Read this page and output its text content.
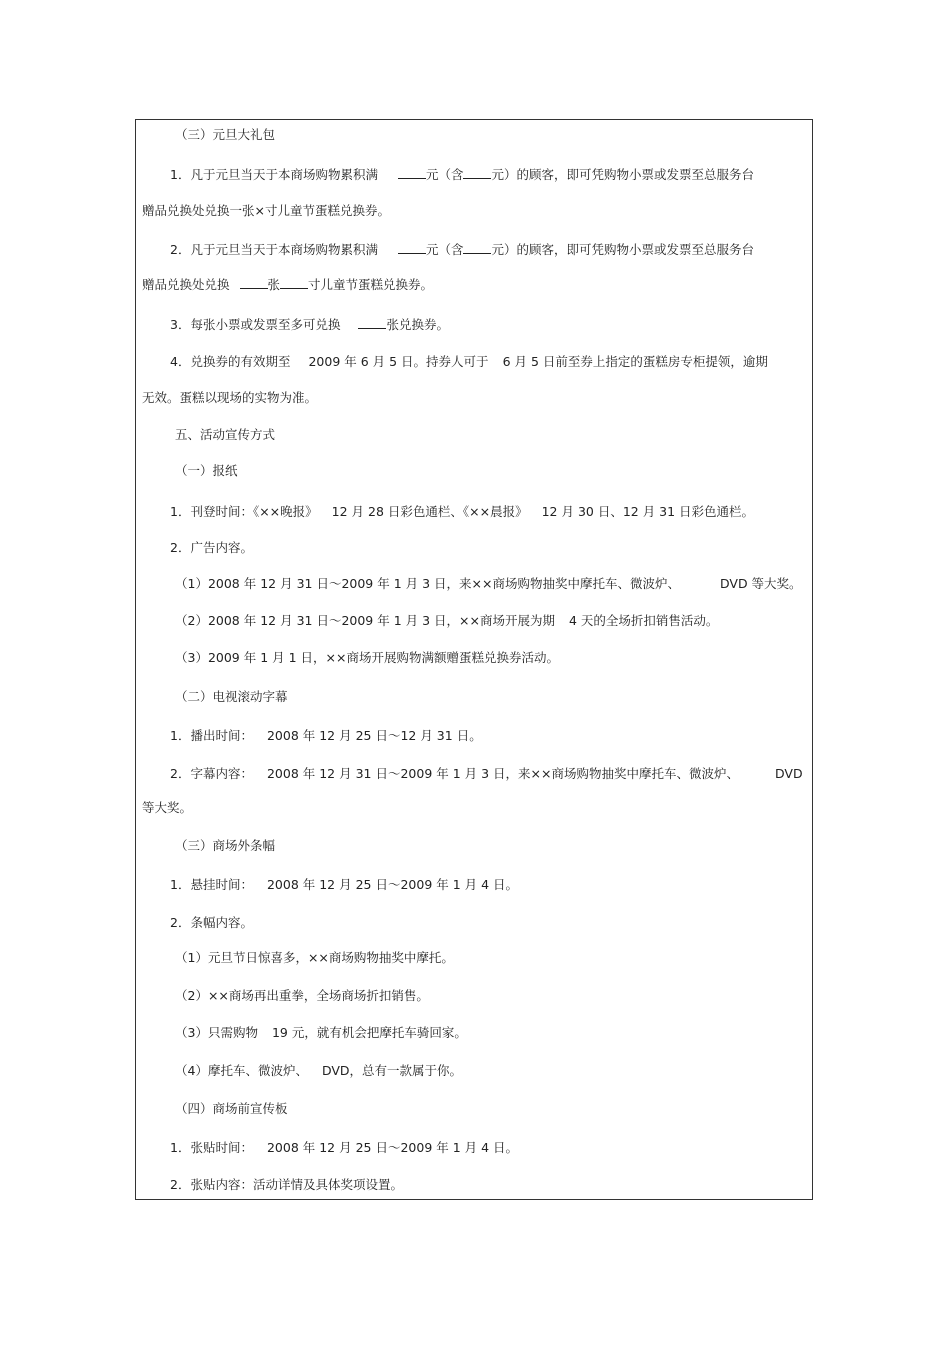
（三）元旦大礼包
1．凡于元旦当天于本商场购物累积满	元（含 元）的顾客，即可凭购物小票或发票至总服务台
赠品兑换处兑换一张×寸儿童节蛋糕兑换券。
2．凡于元旦当天于本商场购物累积满	元（含 元）的顾客，即可凭购物小票或发票至总服务台
赠品兑换处兑换	张 寸儿童节蛋糕兑换券。
3．每张小票或发票至多可兑换	张兑换券。
4．兑换券的有效期至 2009 年 6 月 5 日。持券人可于 6 月 5 日前至券上指定的蛋糕房专柜提领，逾期
无效。蛋糕以现场的实物为准。
五、活动宣传方式
（一）报纸
1．刊登时间：《××晚报》 12 月 28 日彩色通栏、《××晨报》 12 月 30 日、12 月 31 日彩色通栏。
2．广告内容。
（1）2008 年 12 月 31 日～2009 年 1 月 3 日，来××商场购物抽奖中摩托车、微波炉、	DVD 等大奖。
（2）2008 年 12 月 31 日～2009 年 1 月 3 日，××商场开展为期 4 天的全场折扣销售活动。
（3）2009 年 1 月 1 日，××商场开展购物满额赠蛋糕兑换券活动。
（二）电视滚动字幕
1．播出时间： 2008 年 12 月 25 日～12 月 31 日。
2．字幕内容： 2008 年 12 月 31 日～2009 年 1 月 3 日，来××商场购物抽奖中摩托车、微波炉、	DVD
等大奖。
（三）商场外条幅
1．悬挂时间： 2008 年 12 月 25 日～2009 年 1 月 4 日。
2．条幅内容。
（1）元旦节日惊喜多，××商场购物抽奖中摩托。
（2）××商场再出重拳，全场商场折扣销售。
（3）只需购物 19 元，就有机会把摩托车骑回家。
（4）摩托车、微波炉、 DVD，总有一款属于你。
（四）商场前宣传板
1．张贴时间： 2008 年 12 月 25 日～2009 年 1 月 4 日。
2．张贴内容：活动详情及具体奖项设置。
